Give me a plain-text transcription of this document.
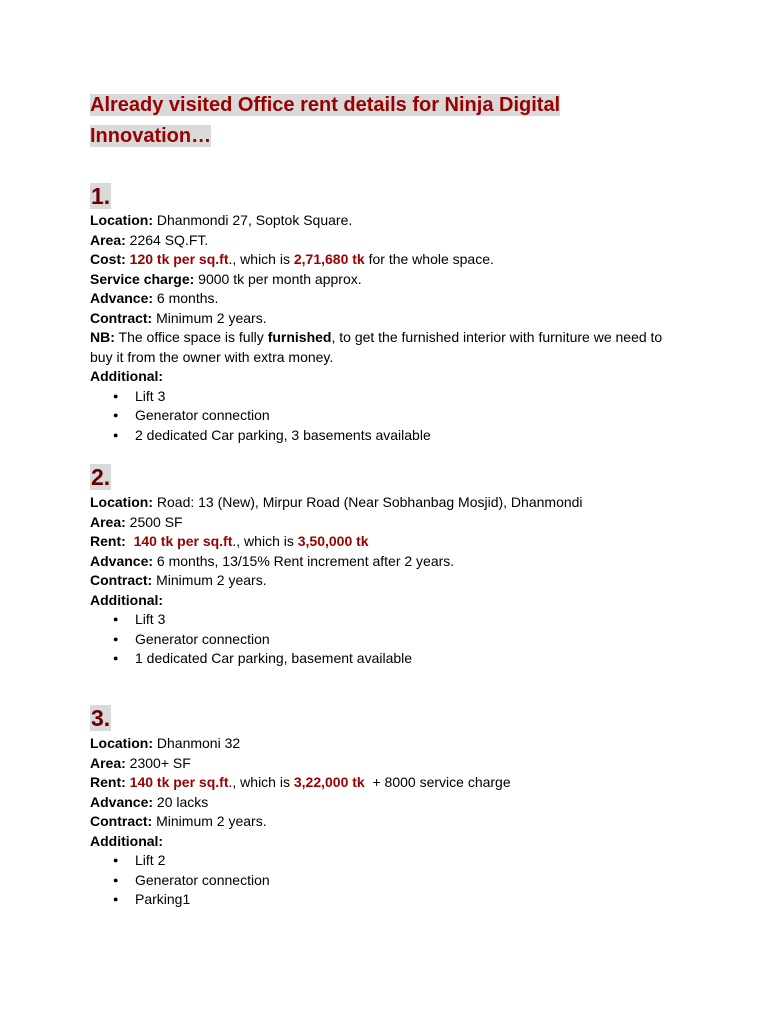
Already visited Office rent details for Ninja Digital
Innovation…
1.
Location: Dhanmondi 27, Soptok Square.
Area: 2264 SQ.FT.
Cost: 120 tk per sq.ft., which is 2,71,680 tk for the whole space.
Service charge: 9000 tk per month approx.
Advance: 6 months.
Contract: Minimum 2 years.
NB: The office space is fully furnished, to get the furnished interior with furniture we need to buy it from the owner with extra money.
Additional:
● Lift 3
● Generator connection
● 2 dedicated Car parking, 3 basements available
2.
Location: Road: 13 (New), Mirpur Road (Near Sobhanbag Mosjid), Dhanmondi
Area: 2500 SF
Rent: 140 tk per sq.ft., which is 3,50,000 tk
Advance: 6 months, 13/15% Rent increment after 2 years.
Contract: Minimum 2 years.
Additional:
● Lift 3
● Generator connection
● 1 dedicated Car parking, basement available
3.
Location: Dhanmoni 32
Area: 2300+ SF
Rent: 140 tk per sq.ft., which is 3,22,000 tk  + 8000 service charge
Advance: 20 lacks
Contract: Minimum 2 years.
Additional:
● Lift 2
● Generator connection
● Parking1
